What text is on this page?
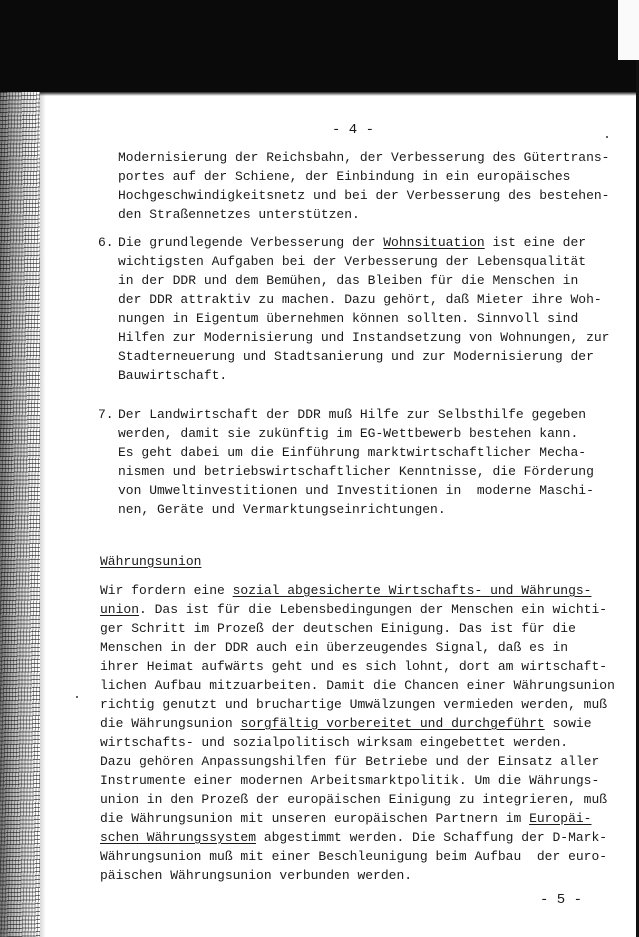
- 4 -

Modernisierung der Reichsbahn, der Verbesserung des Gütertrans-

portes auf der Schiene, der Einbindung in ein europäisches

Hochgeschwindigkeitsnetz und bei der Verbesserung des bestehen-

den Straßennetzes unterstützen.

6. Die grundlegende Verbesserung der Wohnsituation ist eine der

wichtigsten Aufgaben bei der Verbesserung der Lebensqualität

in der DDR und dem Bemühen, das Bleiben für die Menschen in

der DDR attraktiv zu machen. Dazu gehört, daß Mieter ihre Woh-

nungen in Eigentum übernehmen können sollten. Sinnvoll sind

Hilfen zur Modernisierung und Instandsetzung von Wohnungen, zur

Stadterneuerung und Stadtsanierung und zur Modernisierung der

Bauwirtschaft.

7. Der Landwirtschaft der DDR muß Hilfe zur Selbsthilfe gegeben

werden, damit sie zukünftig im EG-Wettbewerb bestehen kann.

Es geht dabei um die Einführung marktwirtschaftlicher Mecha-

nismen und betriebswirtschaftlicher Kenntnisse, die Förderung

von Umweltinvestitionen und Investitionen in  moderne Maschi-

nen, Geräte und Vermarktungseinrichtungen.

Währungsunion

Wir fordern eine sozial abgesicherte Wirtschafts- und Währungs-

union. Das ist für die Lebensbedingungen der Menschen ein wichti-

ger Schritt im Prozeß der deutschen Einigung. Das ist für die

Menschen in der DDR auch ein überzeugendes Signal, daß es in

ihrer Heimat aufwärts geht und es sich lohnt, dort am wirtschaft-

lichen Aufbau mitzuarbeiten. Damit die Chancen einer Währungsunion

richtig genutzt und bruchartige Umwälzungen vermieden werden, muß

die Währungsunion sorgfältig vorbereitet und durchgeführt sowie

wirtschafts- und sozialpolitisch wirksam eingebettet werden.

Dazu gehören Anpassungshilfen für Betriebe und der Einsatz aller

Instrumente einer modernen Arbeitsmarktpolitik. Um die Währungs-

union in den Prozeß der europäischen Einigung zu integrieren, muß

die Währungsunion mit unseren europäischen Partnern im Europäi-

schen Währungssystem abgestimmt werden. Die Schaffung der D-Mark-

Währungsunion muß mit einer Beschleunigung beim Aufbau  der euro-

päischen Währungsunion verbunden werden.

- 5 -
